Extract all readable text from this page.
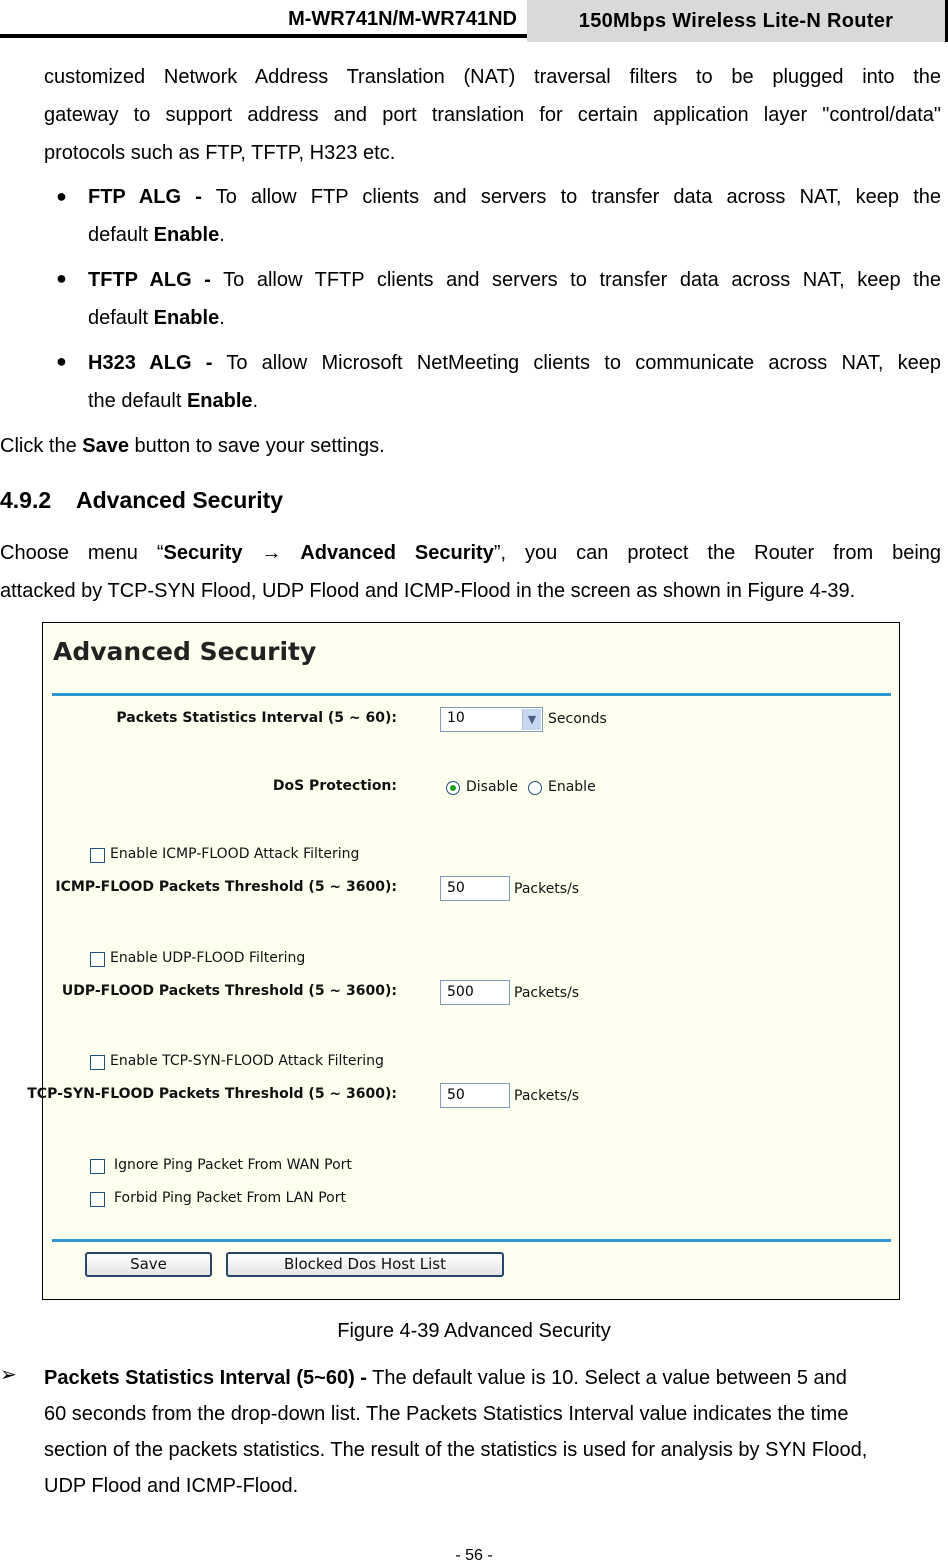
M-WR741N/M-WR741ND	150Mbps Wireless Lite-N Router
customized Network Address Translation (NAT) traversal filters to be plugged into the
gateway to support address and port translation for certain application layer "control/data"
protocols such as FTP, TFTP, H323 etc.
● FTP ALG - To allow FTP clients and servers to transfer data across NAT, keep the
default Enable.
● TFTP ALG - To allow TFTP clients and servers to transfer data across NAT, keep the
default Enable.
● H323 ALG - To allow Microsoft NetMeeting clients to communicate across NAT, keep
the default Enable.
Click the Save button to save your settings.
4.9.2 Advanced Security
Choose menu “Security → Advanced Security”, you can protect the Router from being
attacked by TCP-SYN Flood, UDP Flood and ICMP-Flood in the screen as shown in Figure 4-39.
Advanced Security
Packets Statistics Interval (5 ~ 60):	10	▼ Seconds
DoS Protection:	Disable Enable
Enable ICMP-FLOOD Attack Filtering
ICMP-FLOOD Packets Threshold (5 ~ 3600):	50	Packets/s
Enable UDP-FLOOD Filtering
UDP-FLOOD Packets Threshold (5 ~ 3600):	500	Packets/s
Enable TCP-SYN-FLOOD Attack Filtering
TCP-SYN-FLOOD Packets Threshold (5 ~ 3600):	50	Packets/s
Ignore Ping Packet From WAN Port
Forbid Ping Packet From LAN Port
Save	Blocked Dos Host List
Figure 4-39 Advanced Security
➢ Packets Statistics Interval (5~60) - The default value is 10. Select a value between 5 and
60 seconds from the drop-down list. The Packets Statistics Interval value indicates the time
section of the packets statistics. The result of the statistics is used for analysis by SYN Flood,
UDP Flood and ICMP-Flood.
- 56 -
